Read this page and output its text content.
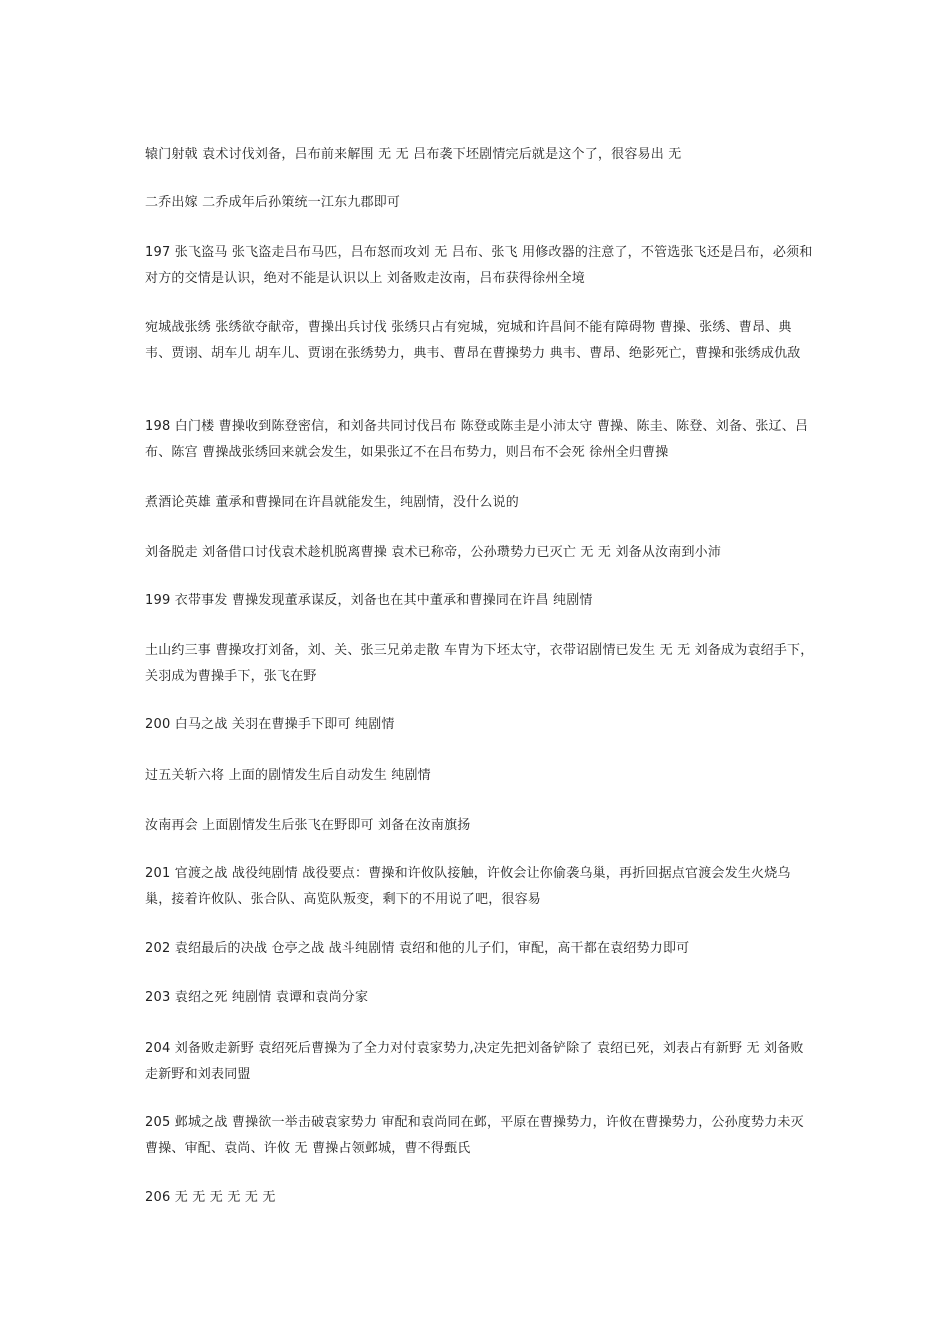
辕门射戟 袁术讨伐刘备，吕布前来解围 无 无 吕布袭下坯剧情完后就是这个了，很容易出 无

二乔出嫁 二乔成年后孙策统一江东九郡即可

197 张飞盗马 张飞盗走吕布马匹，吕布怒而攻刘 无 吕布、张飞 用修改器的注意了，不管选张飞还是吕布，必须和对方的交情是认识，绝对不能是认识以上 刘备败走汝南，吕布获得徐州全境

宛城战张绣 张绣欲夺献帝，曹操出兵讨伐 张绣只占有宛城，宛城和许昌间不能有障碍物 曹操、张绣、曹昂、典韦、贾诩、胡车儿 胡车儿、贾诩在张绣势力，典韦、曹昂在曹操势力 典韦、曹昂、绝影死亡，曹操和张绣成仇敌

198 白门楼 曹操收到陈登密信，和刘备共同讨伐吕布 陈登或陈圭是小沛太守 曹操、陈圭、陈登、刘备、张辽、吕布、陈宫 曹操战张绣回来就会发生，如果张辽不在吕布势力，则吕布不会死 徐州全归曹操

煮酒论英雄 董承和曹操同在许昌就能发生，纯剧情，没什么说的

刘备脱走 刘备借口讨伐袁术趁机脱离曹操 袁术已称帝，公孙瓒势力已灭亡 无 无 刘备从汝南到小沛

199 衣带事发 曹操发现董承谋反，刘备也在其中董承和曹操同在许昌 纯剧情

土山约三事 曹操攻打刘备，刘、关、张三兄弟走散 车胄为下坯太守，衣带诏剧情已发生 无 无 刘备成为袁绍手下，关羽成为曹操手下，张飞在野

200 白马之战 关羽在曹操手下即可 纯剧情

过五关斩六将 上面的剧情发生后自动发生 纯剧情

汝南再会 上面剧情发生后张飞在野即可 刘备在汝南旗扬

201 官渡之战 战役纯剧情 战役要点：曹操和许攸队接触，许攸会让你偷袭乌巢，再折回据点官渡会发生火烧乌巢，接着许攸队、张合队、高览队叛变，剩下的不用说了吧，很容易

202 袁绍最后的决战 仓亭之战 战斗纯剧情 袁绍和他的儿子们，审配，高干都在袁绍势力即可

203 袁绍之死 纯剧情 袁谭和袁尚分家

204 刘备败走新野 袁绍死后曹操为了全力对付袁家势力,决定先把刘备铲除了 袁绍已死，刘表占有新野 无 刘备败走新野和刘表同盟

205 邺城之战 曹操欲一举击破袁家势力 审配和袁尚同在邺，平原在曹操势力，许攸在曹操势力，公孙度势力未灭 曹操、审配、袁尚、许攸 无 曹操占领邺城，曹不得甄氏

206 无 无 无 无 无 无
